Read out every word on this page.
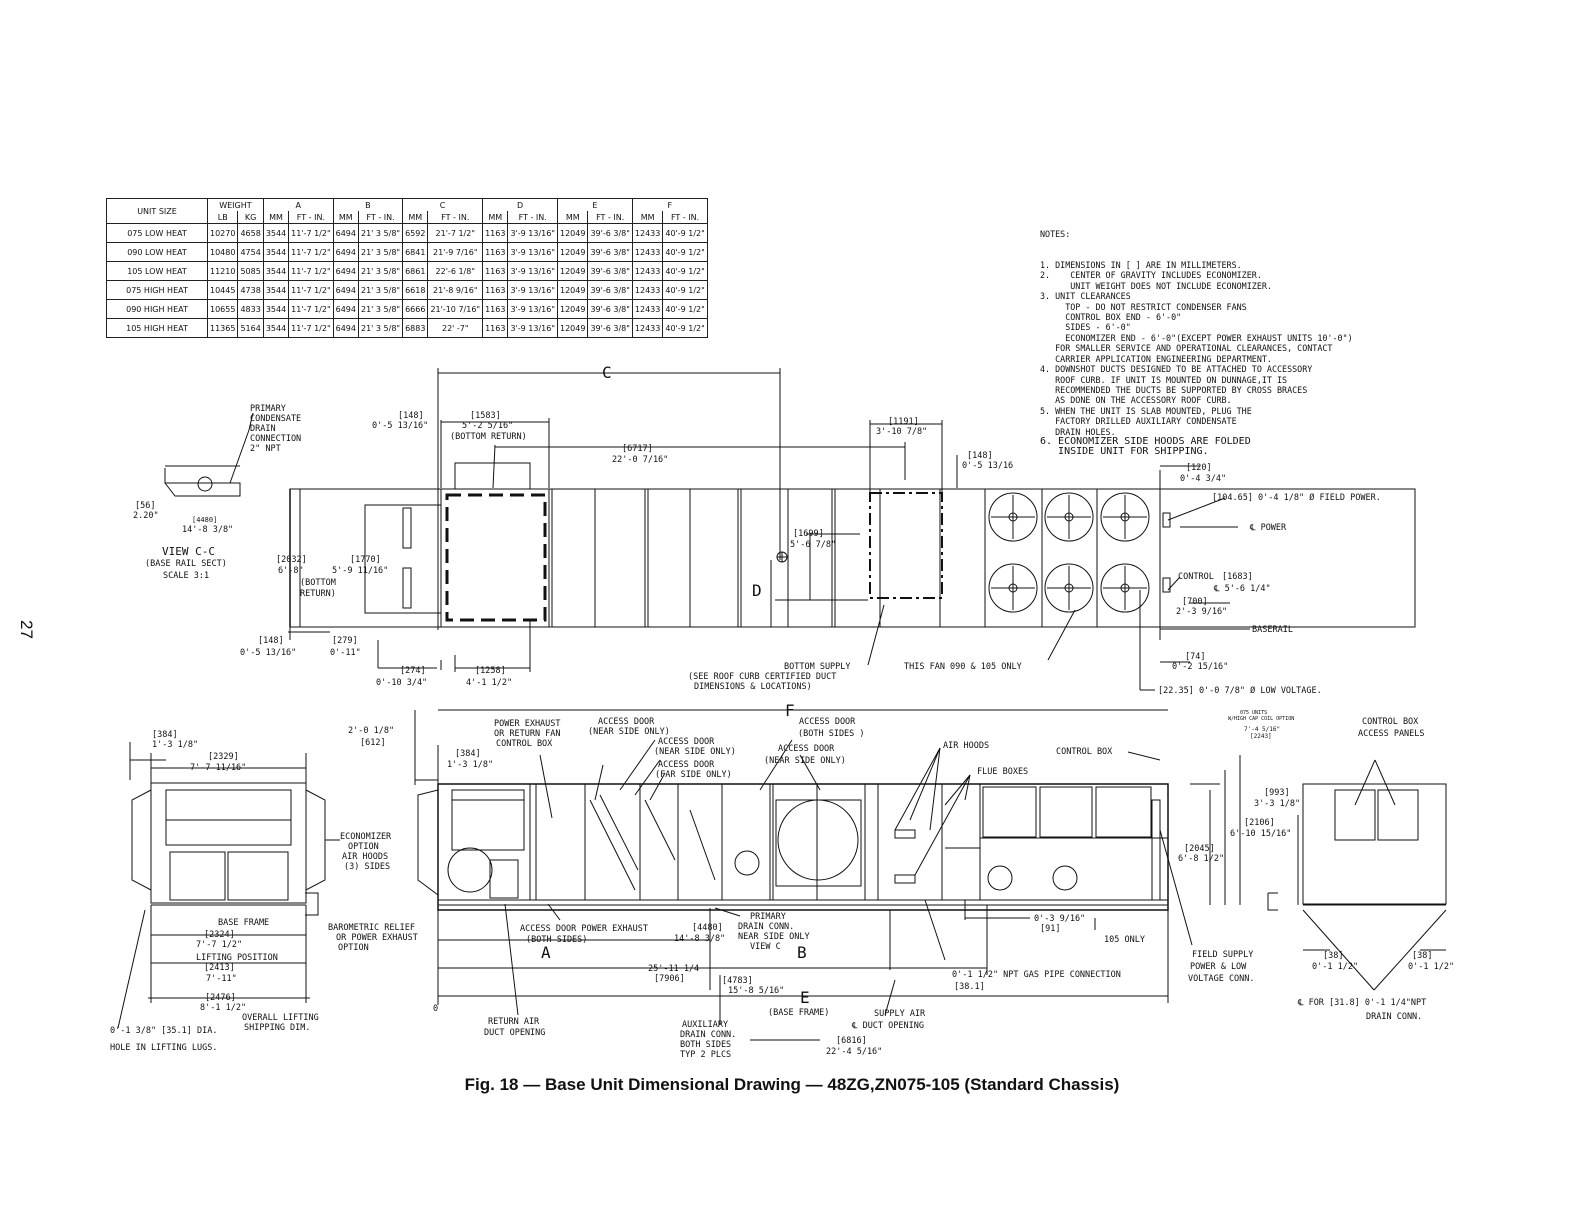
27
UNIT SIZE	WEIGHT		A		B		C		D		E		F	
	LB	KG	MM	FT - IN.	MM	FT - IN.	MM	FT - IN.	MM	FT - IN.	MM	FT - IN.	MM	FT - IN.
075 LOW HEAT	10270	4658	3544	11'-7 1/2"	6494	21' 3 5/8"	6592	21'-7 1/2"	1163	3'-9 13/16"	12049	39'-6 3/8"	12433	40'-9 1/2"
090 LOW HEAT	10480	4754	3544	11'-7 1/2"	6494	21' 3 5/8"	6841	21'-9 7/16"	1163	3'-9 13/16"	12049	39'-6 3/8"	12433	40'-9 1/2"
105 LOW HEAT	11210	5085	3544	11'-7 1/2"	6494	21' 3 5/8"	6861	22'-6 1/8"	1163	3'-9 13/16"	12049	39'-6 3/8"	12433	40'-9 1/2"
075 HIGH HEAT	10445	4738	3544	11'-7 1/2"	6494	21' 3 5/8"	6618	21'-8 9/16"	1163	3'-9 13/16"	12049	39'-6 3/8"	12433	40'-9 1/2"
090 HIGH HEAT	10655	4833	3544	11'-7 1/2"	6494	21' 3 5/8"	6666	21'-10 7/16"	1163	3'-9 13/16"	12049	39'-6 3/8"	12433	40'-9 1/2"
105 HIGH HEAT	11365	5164	3544	11'-7 1/2"	6494	21' 3 5/8"	6883	22' -7"	1163	3'-9 13/16"	12049	39'-6 3/8"	12433	40'-9 1/2"

NOTES:

1. DIMENSIONS IN [ ] ARE IN MILLIMETERS.
2.    CENTER OF GRAVITY INCLUDES ECONOMIZER.
UNIT WEIGHT DOES NOT INCLUDE ECONOMIZER.
3. UNIT CLEARANCES
TOP - DO NOT RESTRICT CONDENSER FANS
CONTROL BOX END - 6'-0"
SIDES - 6'-0"
ECONOMIZER END - 6'-0"(EXCEPT POWER EXHAUST UNITS 10'-0")
FOR SMALLER SERVICE AND OPERATIONAL CLEARANCES, CONTACT
CARRIER APPLICATION ENGINEERING DEPARTMENT.
4. DOWNSHOT DUCTS DESIGNED TO BE ATTACHED TO ACCESSORY
ROOF CURB. IF UNIT IS MOUNTED ON DUNNAGE,IT IS
RECOMMENDED THE DUCTS BE SUPPORTED BY CROSS BRACES
AS DONE ON THE ACCESSORY ROOF CURB.
5. WHEN THE UNIT IS SLAB MOUNTED, PLUG THE
FACTORY DRILLED AUXILIARY CONDENSATE
DRAIN HOLES.
6. ECONOMIZER SIDE HOODS ARE FOLDED
INSIDE UNIT FOR SHIPPING.

C
D
PRIMARY
CONDENSATE
DRAIN
CONNECTION
2" NPT
[148]
0'-5 13/16"
[1583]
5'-2 5/16"
(BOTTOM RETURN)
[6717]
22'-0 7/16"
[1191]
3'-10 7/8"
[148]
0'-5 13/16	[120]
0'-4 3/4"
[104.65] 0'-4 1/8" Ø FIELD POWER.
℄ POWER
CONTROL [1683]
℄ 5'-6 1/4"
[700]
2'-3 9/16"
BASERAIL
[74]
0'-2 15/16"
[22.35] 0'-0 7/8" Ø LOW VOLTAGE.
[1699]
5'-6 7/8"
[56]
2.20"	[4480]
14'-8 3/8"
VIEW C-C
(BASE RAIL SECT)
SCALE 3:1
[2032]
6'-8"
[1770]
5'-9 11/16"
(BOTTOM
RETURN)
[148]
0'-5 13/16"
[279]
0'-11"
[274]
0'-10 3/4"
[1258]
4'-1 1/2"
BOTTOM SUPPLY
(SEE ROOF CURB CERTIFIED DUCT
DIMENSIONS & LOCATIONS)
THIS FAN 090 & 105 ONLY
F
A	B
E
[384]
1'-3 1/8"
[2329]
7'-7 11/16"
2'-0 1/8"
[612]
[384]
1'-3 1/8"
POWER EXHAUST
OR RETURN FAN
CONTROL BOX
ACCESS DOOR
(NEAR SIDE ONLY)
ACCESS DOOR
(NEAR SIDE ONLY)
ACCESS DOOR
(FAR SIDE ONLY)
ACCESS DOOR
(BOTH SIDES )
ACCESS DOOR
(NEAR SIDE ONLY)
AIR HOODS
FLUE BOXES
CONTROL BOX
075 UNITS
W/HIGH CAP COIL OPTION
7'-4 5/16"
[2243]
CONTROL BOX
ACCESS PANELS
[993]
3'-3 1/8"
[2106]
6'-10 15/16"
[2045]
6'-8 1/2"
ECONOMIZER
OPTION
AIR HOODS
(3) SIDES
BASE FRAME
[2324]
7'-7 1/2"
LIFTING POSITION
[2413]
7'-11"
[2476]
8'-1 1/2"
OVERALL LIFTING
SHIPPING DIM.
0'-1 3/8" [35.1] DIA.
HOLE IN LIFTING LUGS.
BAROMETRIC RELIEF
OR POWER EXHAUST
OPTION
ACCESS DOOR POWER EXHAUST
(BOTH SIDES)
[4480]
14'-8 3/8"
PRIMARY
DRAIN CONN.
NEAR SIDE ONLY
VIEW C
25'-11 1/4
[7906]	[4783]
15'-8 5/16"
(BASE FRAME)
0
RETURN AIR
DUCT OPENING
AUXILIARY
DRAIN CONN.
BOTH SIDES
TYP 2 PLCS
SUPPLY AIR
℄ DUCT OPENING
[6816]
22'-4 5/16"
0'-3 9/16"
[91]
105 ONLY
0'-1 1/2" NPT GAS PIPE CONNECTION
[38.1]
FIELD SUPPLY
POWER & LOW
VOLTAGE CONN.
[38]
0'-1 1/2"
[38]
0'-1 1/2"
℄ FOR [31.8] 0'-1 1/4"NPT
DRAIN CONN.
Fig. 18 — Base Unit Dimensional Drawing — 48ZG,ZN075-105 (Standard Chassis)
